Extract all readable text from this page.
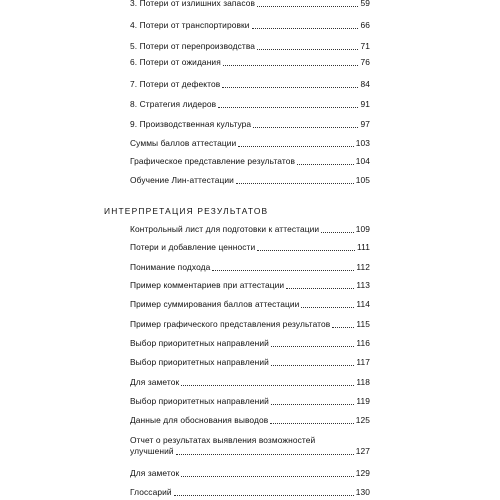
3. Потери от излишних запасов	59
4. Потери от транспортировки	66
5. Потери от перепроизводства	71
6. Потери от ожидания	76
7. Потери от дефектов	84
8. Стратегия лидеров	91
9. Производственная культура	97
Суммы баллов аттестации	103
Графическое представление результатов	104
Обучение Лин-аттестации	105
ИНТЕРПРЕТАЦИЯ РЕЗУЛЬТАТОВ
Контрольный лист для подготовки к аттестации	109
Потери и добавление ценности	111
Понимание подхода	112
Пример комментариев при аттестации	113
Пример суммирования баллов аттестации	114
Пример графического представления результатов	115
Выбор приоритетных направлений	116
Выбор приоритетных направлений	117
Для заметок	118
Выбор приоритетных направлений	119
Данные для обоснования выводов	125
Отчет о результатах выявления возможностей
улучшений	127
Для заметок	129
Глоссарий	130
